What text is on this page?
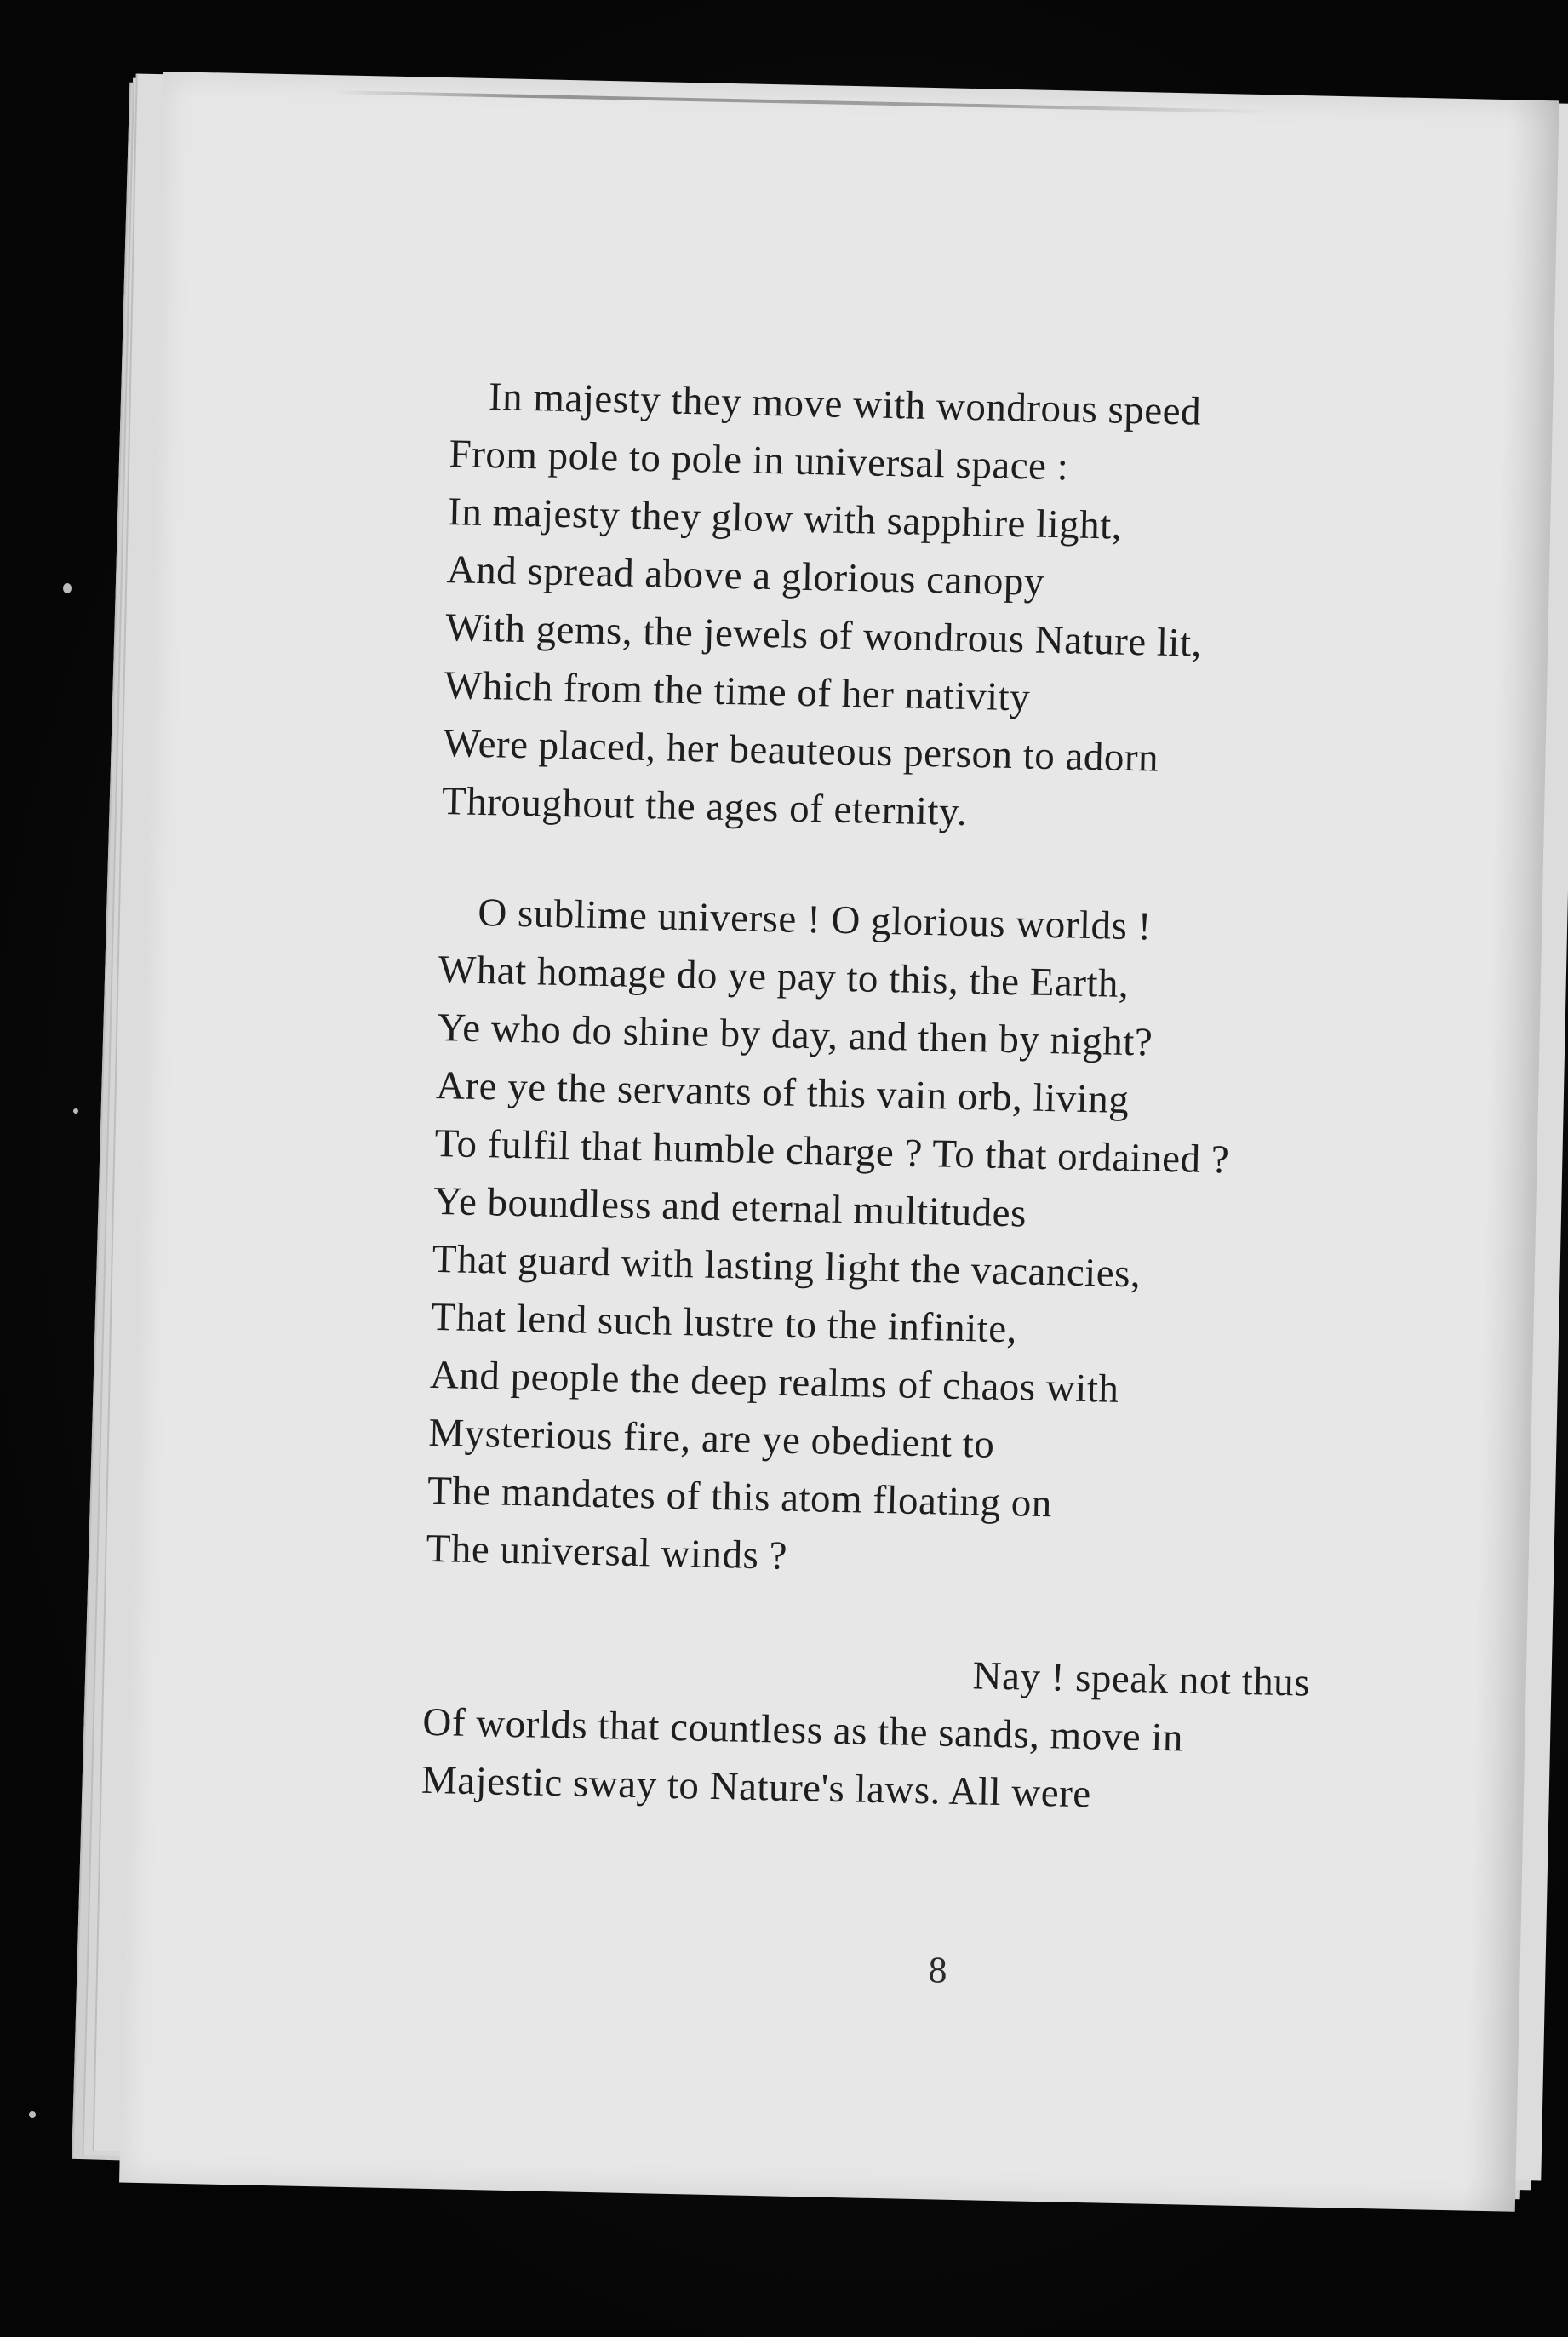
In majesty they move with wondrous speed
From pole to pole in universal space :
In majesty they glow with sapphire light,
And spread above a glorious canopy
With gems, the jewels of wondrous Nature lit,
Which from the time of her nativity
Were placed, her beauteous person to adorn
Throughout the ages of eternity.

O sublime universe ! O glorious worlds !
What homage do ye pay to this, the Earth,
Ye who do shine by day, and then by night?
Are ye the servants of this vain orb, living
To fulfil that humble charge ? To that ordained ?
Ye boundless and eternal multitudes
That guard with lasting light the vacancies,
That lend such lustre to the infinite,
And people the deep realms of chaos with
Mysterious fire, are ye obedient to
The mandates of this atom floating on
The universal winds ?

Nay ! speak not thus
Of worlds that countless as the sands, move in
Majestic sway to Nature's laws. All were

8
